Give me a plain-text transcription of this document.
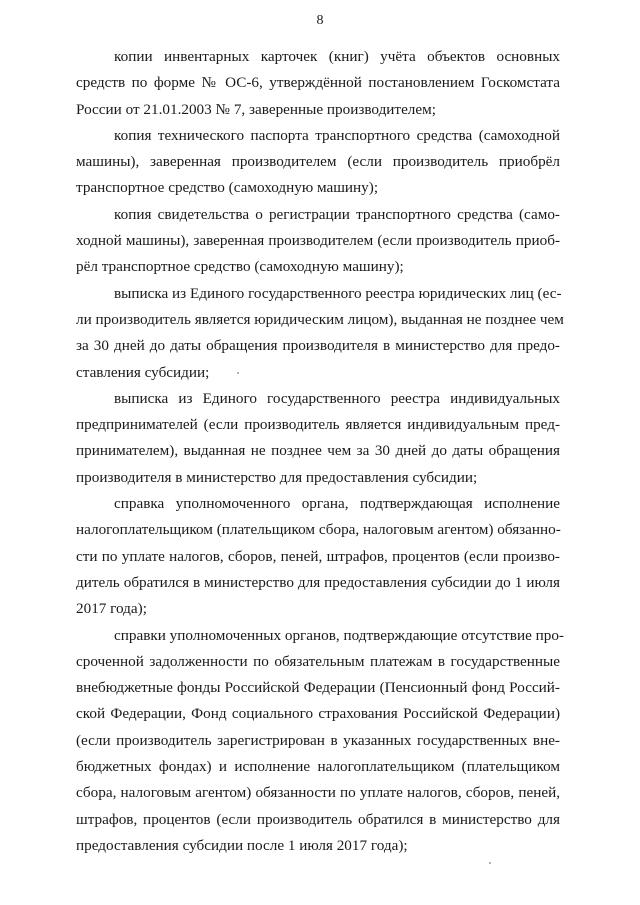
8
копии инвентарных карточек (книг) учёта объектов основных
средств по форме № ОС-6, утверждённой постановлением Госкомстата
России от 21.01.2003 № 7, заверенные производителем;
копия технического паспорта транспортного средства (самоходной
машины), заверенная производителем (если производитель приобрёл
транспортное средство (самоходную машину);
копия свидетельства о регистрации транспортного средства (само-
ходной машины), заверенная производителем (если производитель приоб-
рёл транспортное средство (самоходную машину);
выписка из Единого государственного реестра юридических лиц (ес-
ли производитель является юридическим лицом), выданная не позднее чем
за 30 дней до даты обращения производителя в министерство для предо-
ставления субсидии;
выписка из Единого государственного реестра индивидуальных
предпринимателей (если производитель является индивидуальным пред-
принимателем), выданная не позднее чем за 30 дней до даты обращения
производителя в министерство для предоставления субсидии;
справка уполномоченного органа, подтверждающая исполнение
налогоплательщиком (плательщиком сбора, налоговым агентом) обязанно-
сти по уплате налогов, сборов, пеней, штрафов, процентов (если произво-
дитель обратился в министерство для предоставления субсидии до 1 июля
2017 года);
справки уполномоченных органов, подтверждающие отсутствие про-
сроченной задолженности по обязательным платежам в государственные
внебюджетные фонды Российской Федерации (Пенсионный фонд Россий-
ской Федерации, Фонд социального страхования Российской Федерации)
(если производитель зарегистрирован в указанных государственных вне-
бюджетных фондах) и исполнение налогоплательщиком (плательщиком
сбора, налоговым агентом) обязанности по уплате налогов, сборов, пеней,
штрафов, процентов (если производитель обратился в министерство для
предоставления субсидии после 1 июля 2017 года);
